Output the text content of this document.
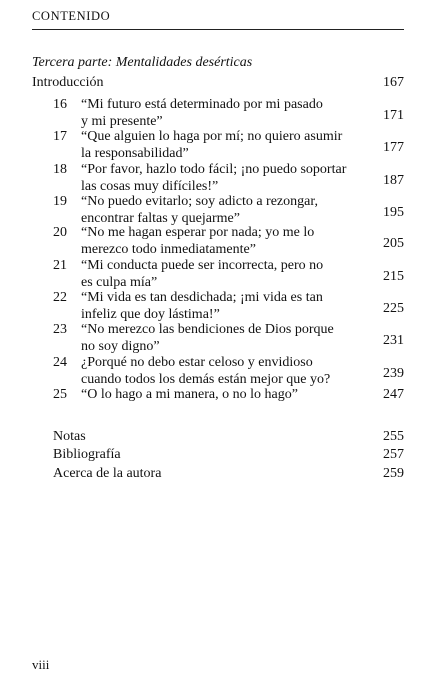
CONTENIDO
Tercera parte: Mentalidades desérticas
Introducción	167
16 “Mi futuro está determinado por mi pasado
y mi presente”	171
17 “Que alguien lo haga por mí; no quiero asumir
la responsabilidad”	177
18 “Por favor, hazlo todo fácil; ¡no puedo soportar
las cosas muy difíciles!”	187
19 “No puedo evitarlo; soy adicto a rezongar,
encontrar faltas y quejarme”	195
20 “No me hagan esperar por nada; yo me lo
merezco todo inmediatamente”	205
21 “Mi conducta puede ser incorrecta, pero no
es culpa mía”	215
22 “Mi vida es tan desdichada; ¡mi vida es tan
infeliz que doy lástima!”	225
23 “No merezco las bendiciones de Dios porque
no soy digno”	231
24 ¿Porqué no debo estar celoso y envidioso
cuando todos los demás están mejor que yo?	239
25 “O lo hago a mi manera, o no lo hago”	247
Notas	255
Bibliografía	257
Acerca de la autora	259
viii
